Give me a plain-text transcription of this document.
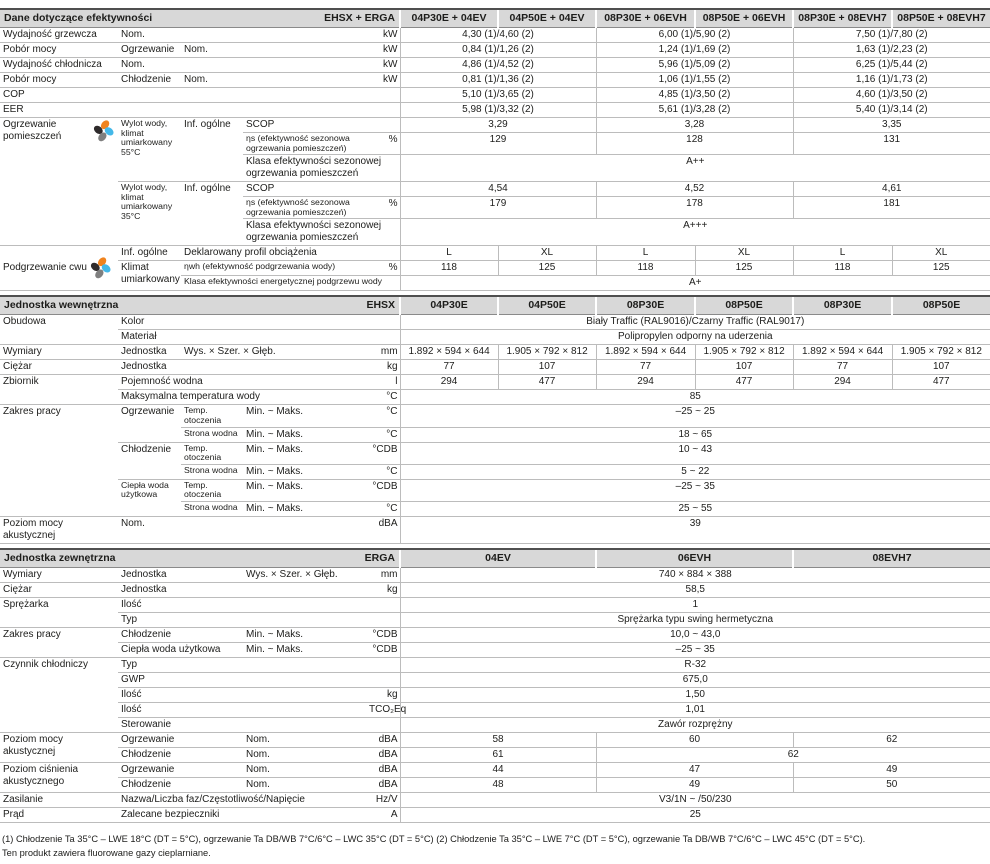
Dane dotyczące efektywności			EHSX + ERGA		04P30E + 04EV	04P50E + 04EV	08P30E + 06EVH	08P50E + 06EVH	08P30E + 08EVH7	08P50E + 08EVH7
Wydajność grzewcza	Nom.			kW	4,30 (1)/4,60 (2)		6,00 (1)/5,90 (2)		7,50 (1)/7,80 (2)	
Pobór mocy	Ogrzewanie	Nom.		kW	0,84 (1)/1,26 (2)		1,24 (1)/1,69 (2)		1,63 (1)/2,23 (2)	
Wydajność chłodnicza	Nom.			kW	4,86 (1)/4,52 (2)		5,96 (1)/5,09 (2)		6,25 (1)/5,44 (2)	
Pobór mocy	Chłodzenie	Nom.		kW	0,81 (1)/1,36 (2)		1,06 (1)/1,55 (2)		1,16 (1)/1,73 (2)	
COP					5,10 (1)/3,65 (2)		4,85 (1)/3,50 (2)		4,60 (1)/3,50 (2)	
EER					5,98 (1)/3,32 (2)		5,61 (1)/3,28 (2)		5,40 (1)/3,14 (2)	

Ogrzewanie pomieszczeń	Wylot wody, klimat umiarkowany 55°C	Inf. ogólne	SCOP		3,29		3,28		3,35	
			ηs (efektywność sezonowa ogrzewania pomieszczeń)	%	129		128		131	
			Klasa efektywności sezonowej ogrzewania pomieszczeń		A++					
	Wylot wody, klimat umiarkowany 35°C	Inf. ogólne	SCOP		4,54		4,52		4,61	
			ηs (efektywność sezonowa ogrzewania pomieszczeń)	%	179		178		181	
			Klasa efektywności sezonowej ogrzewania pomieszczeń		A+++					

Podgrzewanie cwu	Inf. ogólne	Deklarowany profil obciążenia			L	XL	L	XL	L	XL
	Klimat umiarkowany	ηwh (efektywność podgrzewania wody)		%	118	125	118	125	118	125
		Klasa efektywności energetycznej podgrzewu wody			A+					
Jednostka wewnętrzna			EHSX		04P30E	04P50E	08P30E	08P50E	08P30E	08P50E
Obudowa	Kolor				Biały Traffic (RAL9016)/Czarny Traffic (RAL9017)					
	Materiał				Polipropylen odporny na uderzenia					
Wymiary	Jednostka	Wys. × Szer. × Głęb.		mm	1.892 × 594 × 644	1.905 × 792 × 812	1.892 × 594 × 644	1.905 × 792 × 812	1.892 × 594 × 644	1.905 × 792 × 812
Ciężar	Jednostka			kg	77	107	77	107	77	107
Zbiornik	Pojemność wodna			l	294	477	294	477	294	477
	Maksymalna temperatura wody			°C	85					
Zakres pracy	Ogrzewanie	Temp. otoczenia	Min. ~ Maks.	°C	–25 ~ 25					
		Strona wodna	Min. ~ Maks.	°C	18 ~ 65					
	Chłodzenie	Temp. otoczenia	Min. ~ Maks.	°CDB	10 ~ 43					
		Strona wodna	Min. ~ Maks.	°C	5 ~ 22					
	Ciepła woda użytkowa	Temp. otoczenia	Min. ~ Maks.	°CDB	–25 ~ 35					
		Strona wodna	Min. ~ Maks.	°C	25 ~ 55					
Poziom mocy akustycznej	Nom.			dBA	39					
Jednostka zewnętrzna		ERGA		04EV	06EVH	08EVH7
Wymiary	Jednostka	Wys. × Szer. × Głęb.	mm	740 × 884 × 388		
Ciężar	Jednostka		kg	58,5		
Sprężarka	Ilość			1		
	Typ			Sprężarka typu swing hermetyczna		
Zakres pracy	Chłodzenie	Min. ~ Maks.	°CDB	10,0 ~ 43,0		
	Ciepła woda użytkowa	Min. ~ Maks.	°CDB	–25 ~ 35		
Czynnik chłodniczy	Typ			R-32		
	GWP			675,0		
	Ilość		kg	1,50		
	Ilość		TCO₂Eq	1,01		
	Sterowanie			Zawór rozprężny		
Poziom mocy akustycznej	Ogrzewanie	Nom.	dBA	58	60	62
	Chłodzenie	Nom.	dBA	61	62	
Poziom ciśnienia akustycznego	Ogrzewanie	Nom.	dBA	44	47	49
	Chłodzenie	Nom.	dBA	48	49	50
Zasilanie	Nazwa/Liczba faz/Częstotliwość/Napięcie		Hz/V	V3/1N ~ /50/230		
Prąd	Zalecane bezpieczniki		A	25		
(1) Chłodzenie Ta 35°C – LWE 18°C (DT = 5°C), ogrzewanie Ta DB/WB 7°C/6°C – LWC 35°C (DT = 5°C) (2) Chłodzenie Ta 35°C – LWE 7°C (DT = 5°C), ogrzewanie Ta DB/WB 7°C/6°C – LWC 45°C (DT = 5°C).
Ten produkt zawiera fluorowane gazy cieplarniane.
